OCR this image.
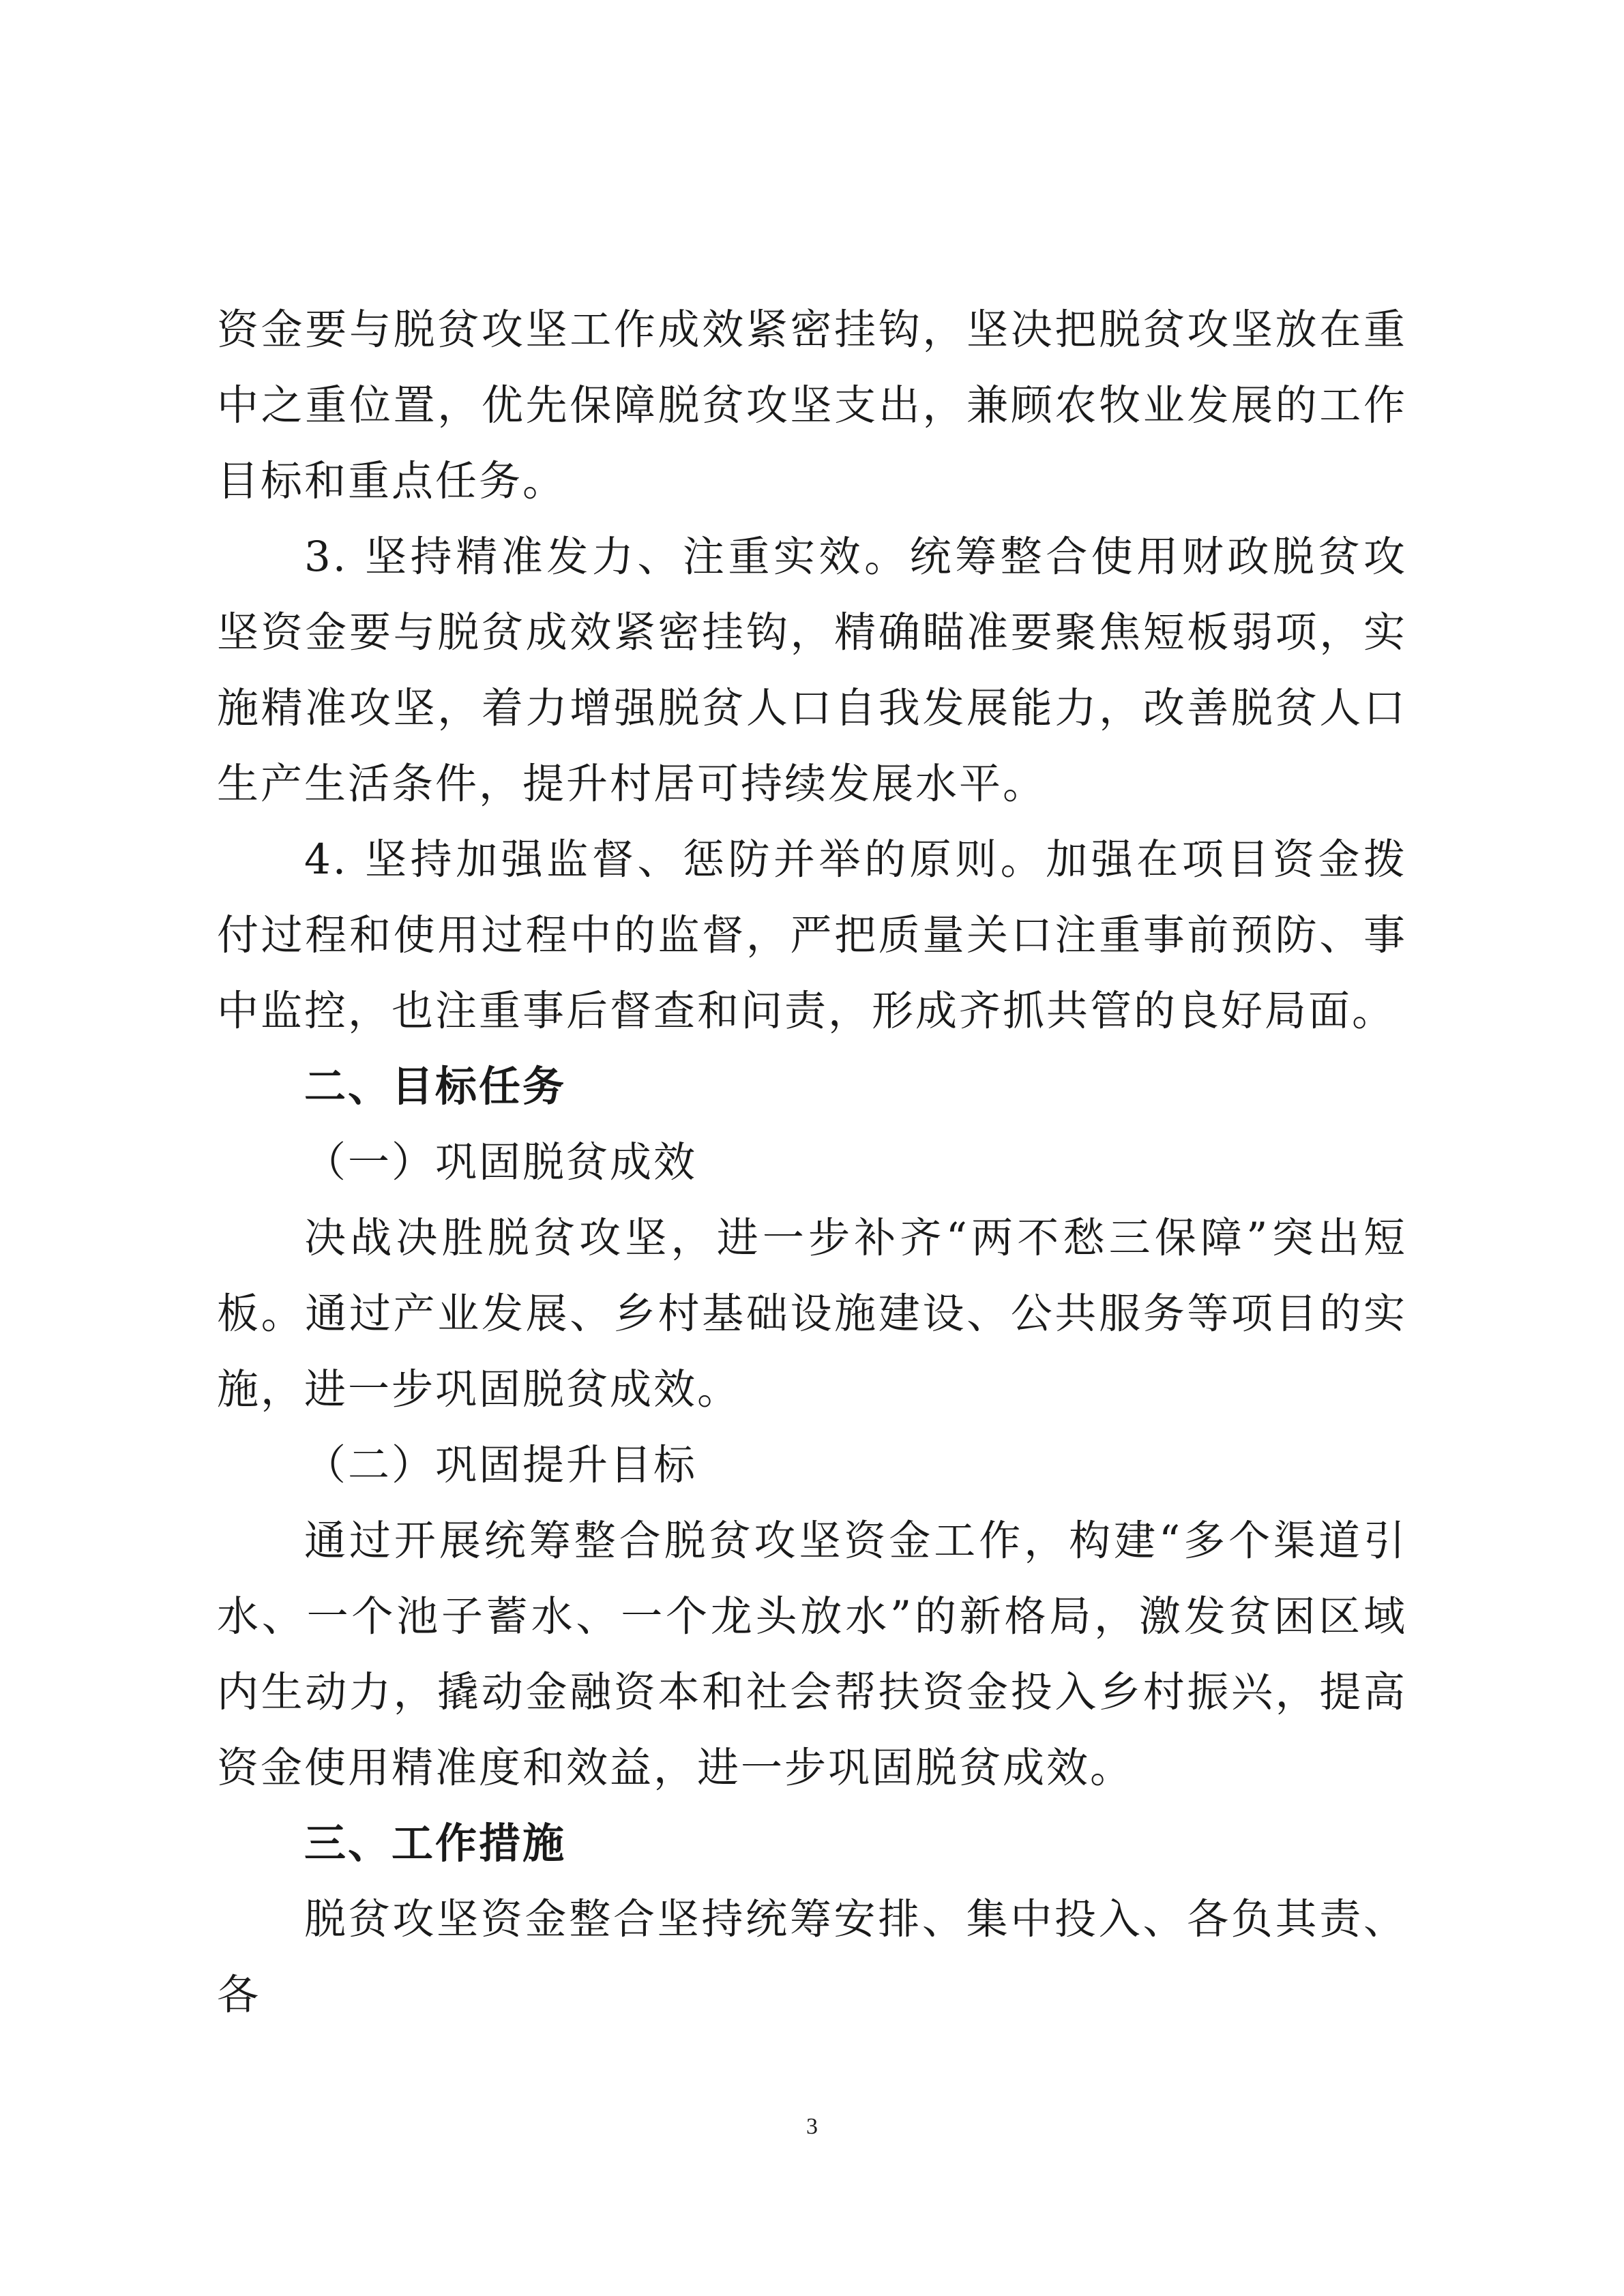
资金要与脱贫攻坚工作成效紧密挂钩，坚决把脱贫攻坚放在重中之重位置，优先保障脱贫攻坚支出，兼顾农牧业发展的工作目标和重点任务。

3. 坚持精准发力、注重实效。统筹整合使用财政脱贫攻坚资金要与脱贫成效紧密挂钩，精确瞄准要聚焦短板弱项，实施精准攻坚，着力增强脱贫人口自我发展能力，改善脱贫人口生产生活条件，提升村居可持续发展水平。

4. 坚持加强监督、惩防并举的原则。加强在项目资金拨付过程和使用过程中的监督，严把质量关口注重事前预防、事中监控，也注重事后督查和问责，形成齐抓共管的良好局面。

二、目标任务

（一）巩固脱贫成效

决战决胜脱贫攻坚，进一步补齐“两不愁三保障”突出短板。通过产业发展、乡村基础设施建设、公共服务等项目的实施，进一步巩固脱贫成效。

（二）巩固提升目标

通过开展统筹整合脱贫攻坚资金工作，构建“多个渠道引水、一个池子蓄水、一个龙头放水”的新格局，激发贫困区域内生动力，撬动金融资本和社会帮扶资金投入乡村振兴，提高资金使用精准度和效益，进一步巩固脱贫成效。

三、工作措施

脱贫攻坚资金整合坚持统筹安排、集中投入、各负其责、各

3
